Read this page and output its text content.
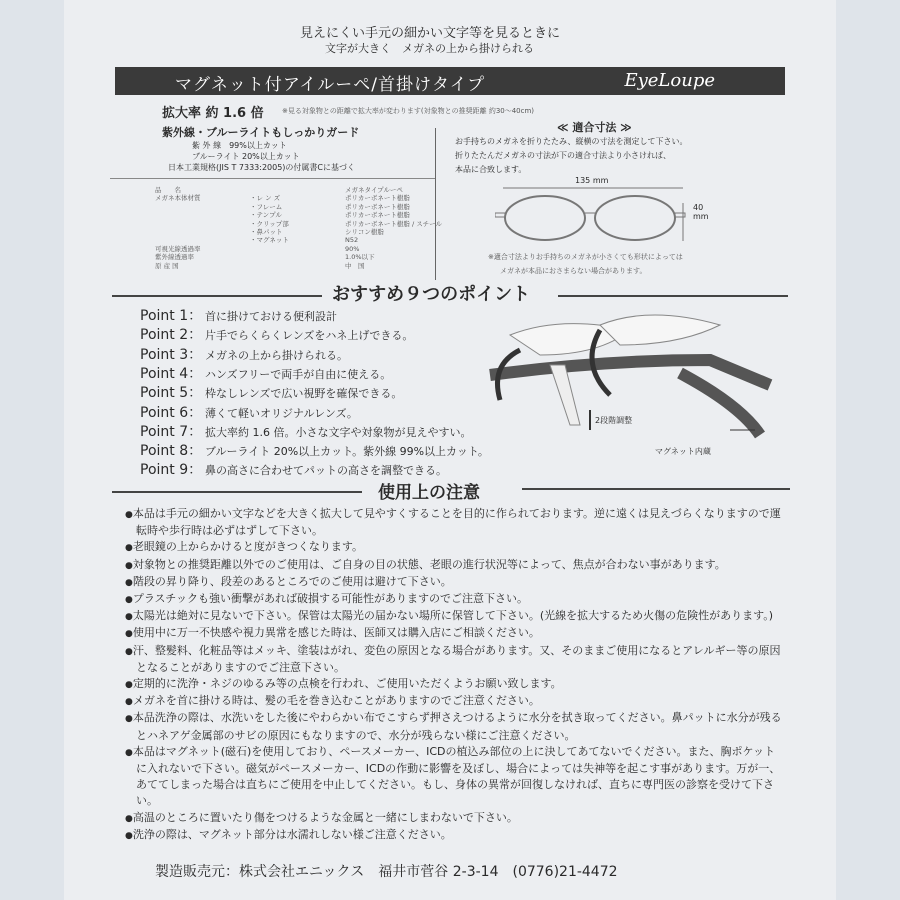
見えにくい手元の細かい文字等を見るときに
文字が大きく　メガネの上から掛けられる
マグネット付アイルーペ/首掛けタイプ	EyeLoupe
拡大率 約 1.6 倍	※見る対象物との距離で拡大率が変わります(対象物との推奨距離 約30～40cm)
紫外線・ブルーライトもしっかりガード
紫 外 線　99%以上カット
ブルーライト 20%以上カット
日本工業規格(JIS T 7333:2005)の付属書Cに基づく
品　　名	メガネタイプルーペ
メガネ本体材質	・レ ン ズ	ポリカーボネート樹脂
・フレーム	ポリカーボネート樹脂
・テンプル	ポリカーボネート樹脂
・クリップ部	ポリカーボネート樹脂 / スチール
・鼻パット	シリコン樹脂
・マグネット	N52
可視光線透過率	90%
紫外線透過率	1.0%以下
原 産 国	中　国
≪ 適合寸法 ≫
お手持ちのメガネを折りたたみ、縦横の寸法を測定して下さい。
折りたたんだメガネの寸法が下の適合寸法より小さければ、
本品に合致します。
135 mm
40
mm
※適合寸法よりお手持ちのメガネが小さくても形状によっては
メガネが本品におさまらない場合があります。
おすすめ９つのポイント
Point 1： 首に掛けておける便利設計
Point 2： 片手でらくらくレンズをハネ上げできる。
Point 3： メガネの上から掛けられる。
Point 4： ハンズフリーで両手が自由に使える。
Point 5： 枠なしレンズで広い視野を確保できる。
Point 6： 薄くて軽いオリジナルレンズ。
Point 7： 拡大率約 1.6 倍。小さな文字や対象物が見えやすい。
Point 8： ブルーライト 20%以上カット。紫外線 99%以上カット。
Point 9： 鼻の高さに合わせてパットの高さを調整できる。
2段階調整
マグネット内蔵
使用上の注意
● 本品は手元の細かい文字などを大きく拡大して見やすくすることを目的に作られております。逆に遠くは見えづらくなりますので運転時や歩行時は必ずはずして下さい。
● 老眼鏡の上からかけると度がきつくなります。
● 対象物との推奨距離以外でのご使用は、ご自身の目の状態、老眼の進行状況等によって、焦点が合わない事があります。
● 階段の昇り降り、段差のあるところでのご使用は避けて下さい。
● プラスチックも強い衝撃があれば破損する可能性がありますのでご注意下さい。
● 太陽光は絶対に見ないで下さい。保管は太陽光の届かない場所に保管して下さい。(光線を拡大するため火傷の危険性があります。)
● 使用中に万一不快感や視力異常を感じた時は、医師又は購入店にご相談ください。
● 汗、整髪料、化粧品等はメッキ、塗装はがれ、変色の原因となる場合があります。又、そのままご使用になるとアレルギー等の原因となることがありますのでご注意下さい。
● 定期的に洗浄・ネジのゆるみ等の点検を行われ、ご使用いただくようお願い致します。
● メガネを首に掛ける時は、髪の毛を巻き込むことがありますのでご注意ください。
● 本品洗浄の際は、水洗いをした後にやわらかい布でこすらず押さえつけるように水分を拭き取ってください。鼻パットに水分が残るとハネアゲ金属部のサビの原因にもなりますので、水分が残らない様にご注意ください。
● 本品はマグネット(磁石)を使用しており、ペースメーカー、ICDの植込み部位の上に決してあてないでください。また、胸ポケットに入れないで下さい。磁気がペースメーカー、ICDの作動に影響を及ぼし、場合によっては失神等を起こす事があります。万が一、あててしまった場合は直ちにご使用を中止してください。もし、身体の異常が回復しなければ、直ちに専門医の診察を受けて下さい。
● 高温のところに置いたり傷をつけるような金属と一緒にしまわないで下さい。
● 洗浄の際は、マグネット部分は水濡れしない様ご注意ください。
製造販売元：株式会社エニックス　福井市菅谷 2-3-14　(0776)21-4472
